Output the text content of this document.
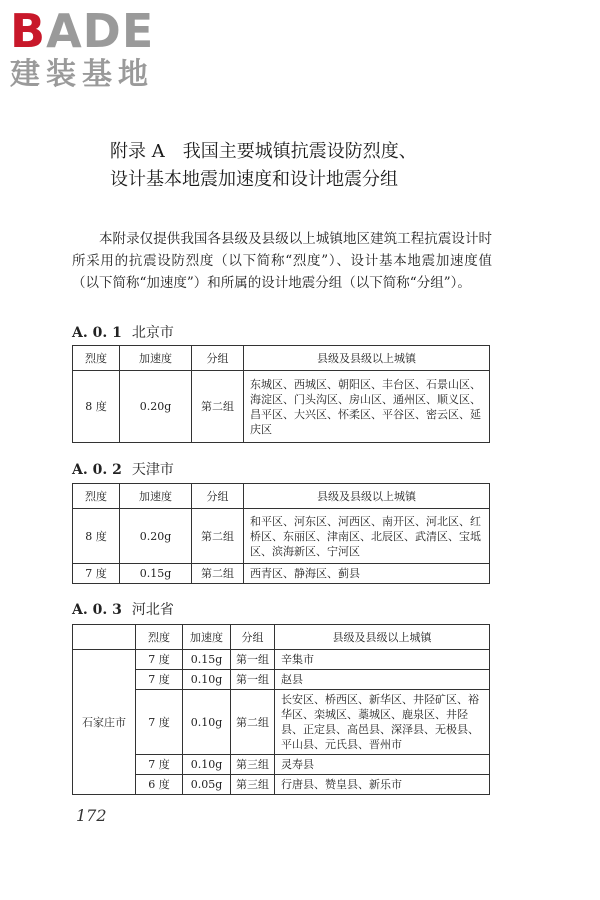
BADE
建装基地
附录 A　我国主要城镇抗震设防烈度、
设计基本地震加速度和设计地震分组

本附录仅提供我国各县级及县级以上城镇地区建筑工程抗震设计时所采用的抗震设防烈度（以下简称“烈度”）、设计基本地震加速度值（以下简称“加速度”）和所属的设计地震分组（以下简称“分组”）。

A. 0. 1 北京市
烈度	加速度	分组	县级及县级以上城镇
8 度	0.20g	第二组	东城区、西城区、朝阳区、丰台区、石景山区、海淀区、门头沟区、房山区、通州区、顺义区、昌平区、大兴区、怀柔区、平谷区、密云区、延庆区
A. 0. 2 天津市
烈度	加速度	分组	县级及县级以上城镇
8 度	0.20g	第二组	和平区、河东区、河西区、南开区、河北区、红桥区、东丽区、津南区、北辰区、武清区、宝坻区、滨海新区、宁河区
7 度	0.15g	第二组	西青区、静海区、蓟县
A. 0. 3 河北省
	烈度	加速度	分组	县级及县级以上城镇
石家庄市	7 度	0.15g	第一组	辛集市
	7 度	0.10g	第一组	赵县
	7 度	0.10g	第二组	长安区、桥西区、新华区、井陉矿区、裕华区、栾城区、藁城区、鹿泉区、井陉县、正定县、高邑县、深泽县、无极县、平山县、元氏县、晋州市
	7 度	0.10g	第三组	灵寿县
	6 度	0.05g	第三组	行唐县、赞皇县、新乐市
172
